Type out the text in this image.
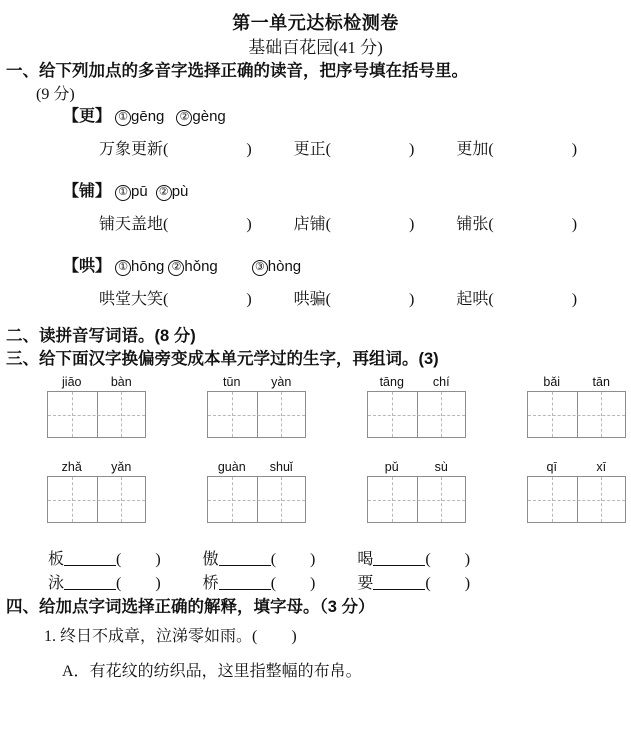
第一单元达标检测卷
基础百花园(41 分)
一、给下列加点的多音字选择正确的读音，把序号填在括号里。
(9 分)
【更】 ① gēng ② gèng
万象更新(	)	更正(	)	更加(	)
【铺】 ① pū ② pù
铺天盖地(	)	店铺(	)	铺张(	)
【哄】 ① hōng ② hǒng	③ hòng
哄堂大笑(	)	哄骗(	)	起哄(	)
二、读拼音写词语。(8 分)
三、给下面汉字换偏旁变成本单元学过的生字，再组词。(3)
jiāo	bàn	tūn	yàn	tāng	chí	bǎi	tān
zhǎ	yǎn	guàn	shuǐ	pǔ	sù	qī	xī
板	( )	傲	( )	喝	( )
泳	( )	桥	( )	要	( )
四、给加点字词选择正确的解释，填字母。（3 分）
1. 终日不成章，泣涕零如雨。( )
A．有花纹的纺织品，这里指整幅的布帛。
